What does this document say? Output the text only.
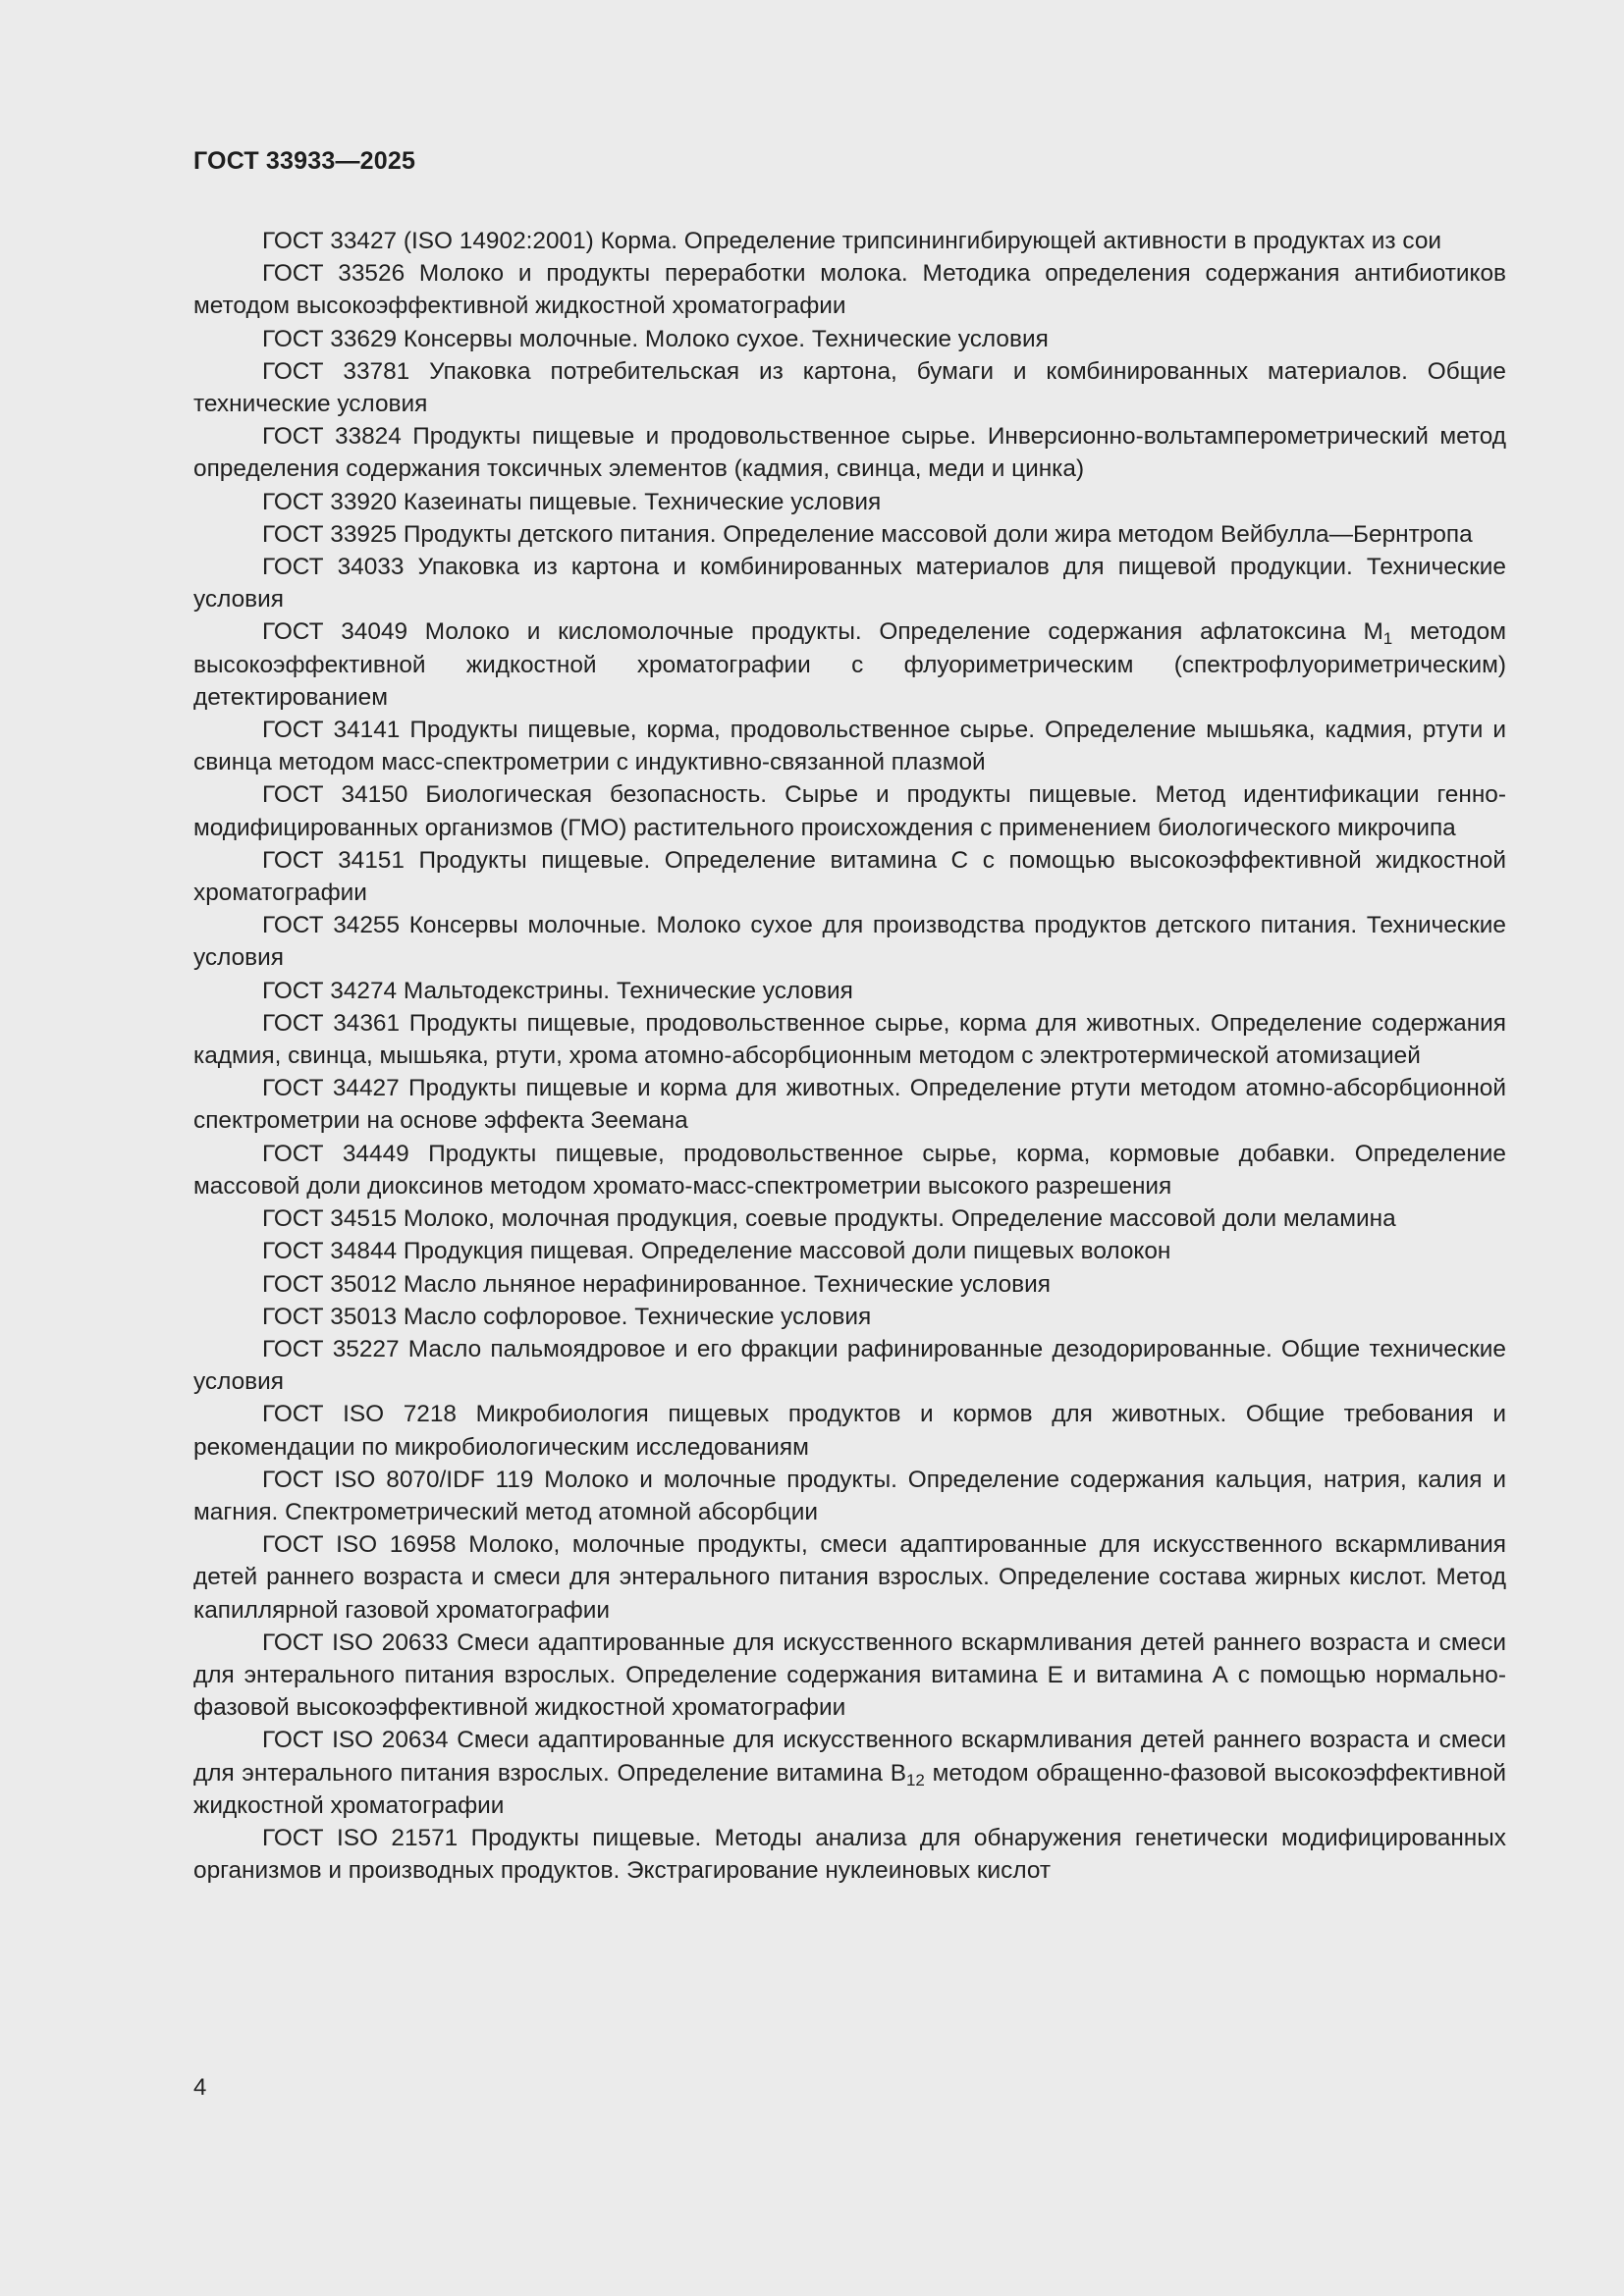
ГОСТ 33933—2025
ГОСТ 33427 (ISO 14902:2001) Корма. Определение трипсинингибирующей активности в продуктах из сои
ГОСТ 33526 Молоко и продукты переработки молока. Методика определения содержания антибиотиков методом высокоэффективной жидкостной хроматографии
ГОСТ 33629 Консервы молочные. Молоко сухое. Технические условия
ГОСТ 33781 Упаковка потребительская из картона, бумаги и комбинированных материалов. Общие технические условия
ГОСТ 33824 Продукты пищевые и продовольственное сырье. Инверсионно-вольтамперометрический метод определения содержания токсичных элементов (кадмия, свинца, меди и цинка)
ГОСТ 33920 Казеинаты пищевые. Технические условия
ГОСТ 33925 Продукты детского питания. Определение массовой доли жира методом Вейбулла—Бернтропа
ГОСТ 34033 Упаковка из картона и комбинированных материалов для пищевой продукции. Технические условия
ГОСТ 34049 Молоко и кисломолочные продукты. Определение содержания афлатоксина $M_1$ методом высокоэффективной жидкостной хроматографии с флуориметрическим (спектрофлуориметрическим) детектированием
ГОСТ 34141 Продукты пищевые, корма, продовольственное сырье. Определение мышьяка, кадмия, ртути и свинца методом масс-спектрометрии с индуктивно-связанной плазмой
ГОСТ 34150 Биологическая безопасность. Сырье и продукты пищевые. Метод идентификации генно-модифицированных организмов (ГМО) растительного происхождения с применением биологического микрочипа
ГОСТ 34151 Продукты пищевые. Определение витамина С с помощью высокоэффективной жидкостной хроматографии
ГОСТ 34255 Консервы молочные. Молоко сухое для производства продуктов детского питания. Технические условия
ГОСТ 34274 Мальтодекстрины. Технические условия
ГОСТ 34361 Продукты пищевые, продовольственное сырье, корма для животных. Определение содержания кадмия, свинца, мышьяка, ртути, хрома атомно-абсорбционным методом с электротермической атомизацией
ГОСТ 34427 Продукты пищевые и корма для животных. Определение ртути методом атомно-абсорбционной спектрометрии на основе эффекта Зеемана
ГОСТ 34449 Продукты пищевые, продовольственное сырье, корма, кормовые добавки. Определение массовой доли диоксинов методом хромато-масс-спектрометрии высокого разрешения
ГОСТ 34515 Молоко, молочная продукция, соевые продукты. Определение массовой доли меламина
ГОСТ 34844 Продукция пищевая. Определение массовой доли пищевых волокон
ГОСТ 35012 Масло льняное нерафинированное. Технические условия
ГОСТ 35013 Масло софлоровое. Технические условия
ГОСТ 35227 Масло пальмоядровое и его фракции рафинированные дезодорированные. Общие технические условия
ГОСТ ISO 7218 Микробиология пищевых продуктов и кормов для животных. Общие требования и рекомендации по микробиологическим исследованиям
ГОСТ ISO 8070/IDF 119 Молоко и молочные продукты. Определение содержания кальция, натрия, калия и магния. Спектрометрический метод атомной абсорбции
ГОСТ ISO 16958 Молоко, молочные продукты, смеси адаптированные для искусственного вскармливания детей раннего возраста и смеси для энтерального питания взрослых. Определение состава жирных кислот. Метод капиллярной газовой хроматографии
ГОСТ ISO 20633 Смеси адаптированные для искусственного вскармливания детей раннего возраста и смеси для энтерального питания взрослых. Определение содержания витамина Е и витамина А с помощью нормально-фазовой высокоэффективной жидкостной хроматографии
ГОСТ ISO 20634 Смеси адаптированные для искусственного вскармливания детей раннего возраста и смеси для энтерального питания взрослых. Определение витамина $B_{12}$ методом обращенно-фазовой высокоэффективной жидкостной хроматографии
ГОСТ ISO 21571 Продукты пищевые. Методы анализа для обнаружения генетически модифицированных организмов и производных продуктов. Экстрагирование нуклеиновых кислот
4
